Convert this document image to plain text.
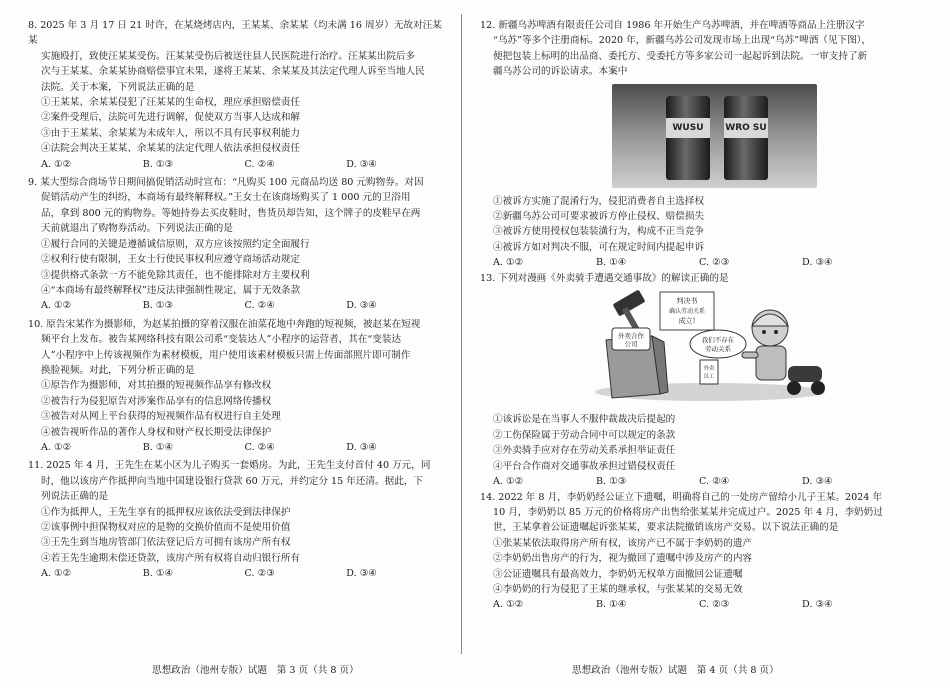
8. 2025 年 3 月 17 日 21 时许，在某烧烤店内，王某某、余某某（均未满 16 周岁）无故对汪某某
实施殴打，致使汪某某受伤。汪某某受伤后被送往县人民医院进行治疗。汪某某出院后多
次与王某某、余某某协商赔偿事宜未果，遂将王某某、余某某及其法定代理人诉至当地人民
法院。关于本案，下列说法正确的是
①王某某、余某某侵犯了汪某某的生命权，理应承担赔偿责任
②案件受理后，法院可先进行调解，促使双方当事人达成和解
③由于王某某、余某某为未成年人，所以不具有民事权利能力
④法院会判决王某某、余某某的法定代理人依法承担侵权责任
A. ①②	B. ①③	C. ②④	D. ③④
9. 某大型综合商场节日期间搞促销活动时宣布：“凡购买 100 元商品均送 80 元购物券。对因
促销活动产生的纠纷，本商场有最终解释权。”王女士在该商场购买了 1 000 元的卫浴用
品，拿到 800 元的购物券。等她持券去买皮鞋时，售货员却告知，这个牌子的皮鞋早在两
天前就退出了购物券活动。下列说法正确的是
①履行合同的关键是遵循诚信原则，双方应该按照约定全面履行
②权利行使有限制，王女士行使民事权利应遵守商场活动规定
③提供格式条款一方不能免除其责任，也不能排除对方主要权利
④“本商场有最终解释权”违反法律强制性规定，属于无效条款
A. ①②	B. ①③	C. ②④	D. ③④
10. 原告宋某作为摄影师，为赵某拍摄的穿着汉服在油菜花地中奔跑的短视频，被赵某在短视
频平台上发布。被告某网络科技有限公司系“变装达人”小程序的运营者，其在“变装达
人”小程序中上传该视频作为素材模板，用户使用该素材模板只需上传面部照片即可制作
换脸视频。对此，下列分析正确的是
①原告作为摄影师，对其拍摄的短视频作品享有修改权
②被告行为侵犯原告对涉案作品享有的信息网络传播权
③被告对从网上平台获得的短视频作品有权进行自主处理
④被告视听作品的著作人身权和财产权长期受法律保护
A. ①②	B. ①④	C. ②④	D. ③④
11. 2025 年 4 月，王先生在某小区为儿子购买一套婚房。为此，王先生支付首付 40 万元，同
时，他以该房产作抵押向当地中国建设银行贷款 60 万元，并约定分 15 年还清。据此，下
列说法正确的是
①作为抵押人，王先生享有的抵押权应该依法受到法律保护
②该事例中担保物权对应的是物的交换价值而不是使用价值
③王先生到当地房管部门依法登记后方可拥有该房产所有权
④若王先生逾期未偿还贷款，该房产所有权将自动归银行所有
A. ①②	B. ①④	C. ②③	D. ③④
12. 新疆乌苏啤酒有限责任公司自 1986 年开始生产乌苏啤酒，并在啤酒等商品上注册汉字
“乌苏”等多个注册商标。2020 年，新疆乌苏公司发现市场上出现“乌苏”啤酒（见下图），
便把包装上标明的出品商、委托方、受委托方等多家公司一起起诉到法院。一审支持了新
疆乌苏公司的诉讼请求。本案中
WUSU	WRO SU
①被诉方实施了混淆行为，侵犯消费者自主选择权
②新疆乌苏公司可要求被诉方停止侵权、赔偿损失
③被诉方使用授权包装装潢行为，构成不正当竞争
④被诉方如对判决不服，可在规定时间内提起申诉
A. ①②	B. ①④	C. ②③	D. ③④
13. 下列对漫画《外卖骑手遭遇交通事故》的解读正确的是
判决书
确认劳动关系
成立!
外卖合作
公司	我们不存在
劳动关系
外卖
员工
①该诉讼是在当事人不服仲裁裁决后提起的
②工伤保险属于劳动合同中可以规定的条款
③外卖骑手应对存在劳动关系承担举证责任
④平台合作商对交通事故承担过错侵权责任
A. ①②	B. ①③	C. ②④	D. ③④
14. 2022 年 8 月，李奶奶经公证立下遗嘱，明确将自己的一处房产留给小儿子王某。2024 年
10 月，李奶奶以 85 万元的价格将房产出售给张某某并完成过户。2025 年 4 月，李奶奶过
世，王某拿着公证遗嘱起诉张某某，要求法院撤销该房产交易。以下说法正确的是
①张某某依法取得房产所有权，该房产已不属于李奶奶的遗产
②李奶奶出售房产的行为，视为撤回了遗嘱中涉及房产的内容
③公证遗嘱具有最高效力，李奶奶无权单方面撤回公证遗嘱
④李奶奶的行为侵犯了王某的继承权，与张某某的交易无效
A. ①②	B. ①④	C. ②③	D. ③④
思想政治（池州专版）试题　第 3 页（共 8 页）	思想政治（池州专版）试题　第 4 页（共 8 页）
